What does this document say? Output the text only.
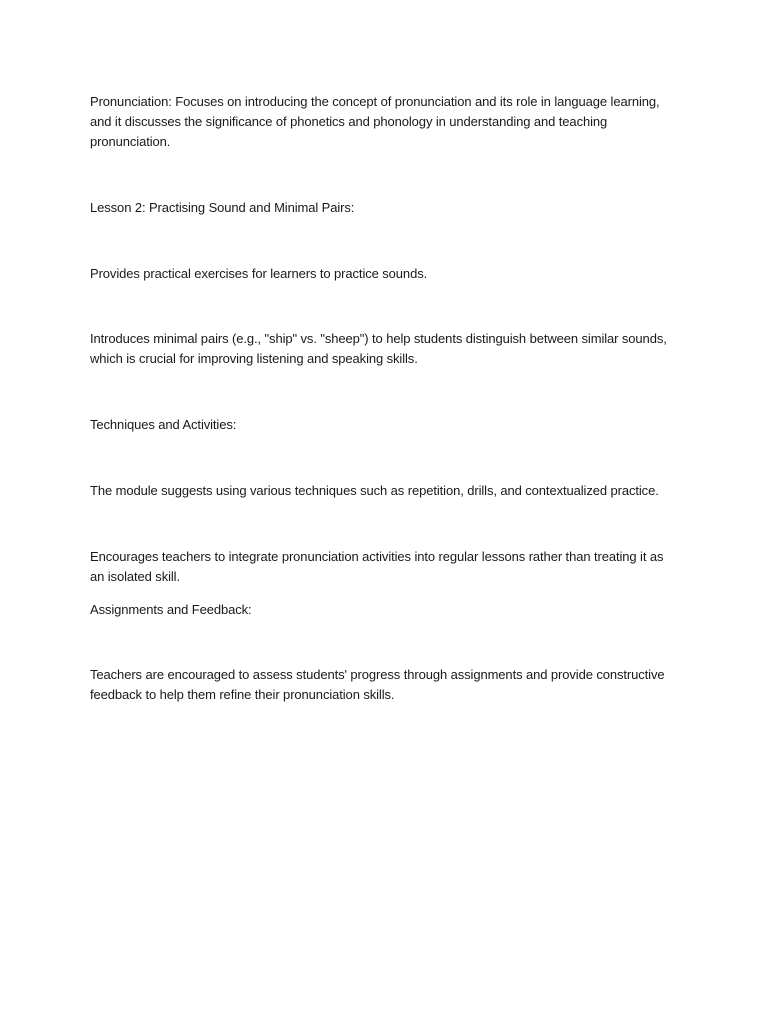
Pronunciation: Focuses on introducing the concept of pronunciation and its role in language learning, and it discusses the significance of phonetics and phonology in understanding and teaching pronunciation.

Lesson 2: Practising Sound and Minimal Pairs:

Provides practical exercises for learners to practice sounds.

Introduces minimal pairs (e.g., "ship" vs. "sheep") to help students distinguish between similar sounds, which is crucial for improving listening and speaking skills.

Techniques and Activities:

The module suggests using various techniques such as repetition, drills, and contextualized practice.

Encourages teachers to integrate pronunciation activities into regular lessons rather than treating it as an isolated skill.

Assignments and Feedback:

Teachers are encouraged to assess students' progress through assignments and provide constructive feedback to help them refine their pronunciation skills.
